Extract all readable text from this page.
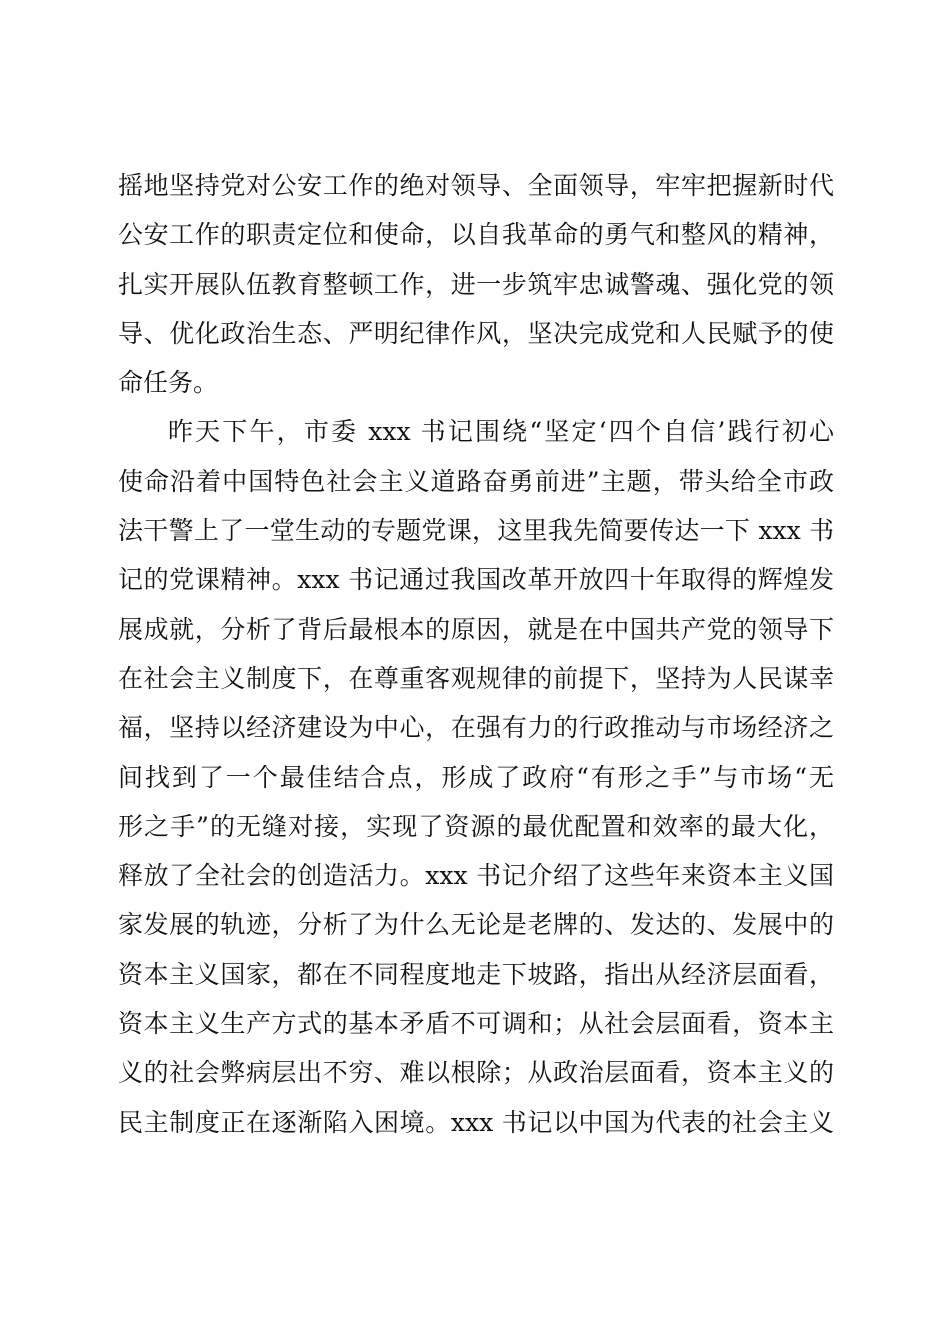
摇地坚持党对公安工作的绝对领导、全面领导，牢牢把握新时代
公安工作的职责定位和使命，以自我革命的勇气和整风的精神，
扎实开展队伍教育整顿工作，进一步筑牢忠诚警魂、强化党的领
导、优化政治生态、严明纪律作风，坚决完成党和人民赋予的使
命任务。
昨天下午，市委 xxx 书记围绕“坚定‘四个自信’践行初心
使命沿着中国特色社会主义道路奋勇前进”主题，带头给全市政
法干警上了一堂生动的专题党课，这里我先简要传达一下 xxx 书
记的党课精神。xxx 书记通过我国改革开放四十年取得的辉煌发
展成就，分析了背后最根本的原因，就是在中国共产党的领导下
在社会主义制度下，在尊重客观规律的前提下，坚持为人民谋幸
福，坚持以经济建设为中心，在强有力的行政推动与市场经济之
间找到了一个最佳结合点，形成了政府“有形之手”与市场“无
形之手”的无缝对接，实现了资源的最优配置和效率的最大化，
释放了全社会的创造活力。xxx 书记介绍了这些年来资本主义国
家发展的轨迹，分析了为什么无论是老牌的、发达的、发展中的
资本主义国家，都在不同程度地走下坡路，指出从经济层面看，
资本主义生产方式的基本矛盾不可调和；从社会层面看，资本主
义的社会弊病层出不穷、难以根除；从政治层面看，资本主义的
民主制度正在逐渐陷入困境。xxx 书记以中国为代表的社会主义
